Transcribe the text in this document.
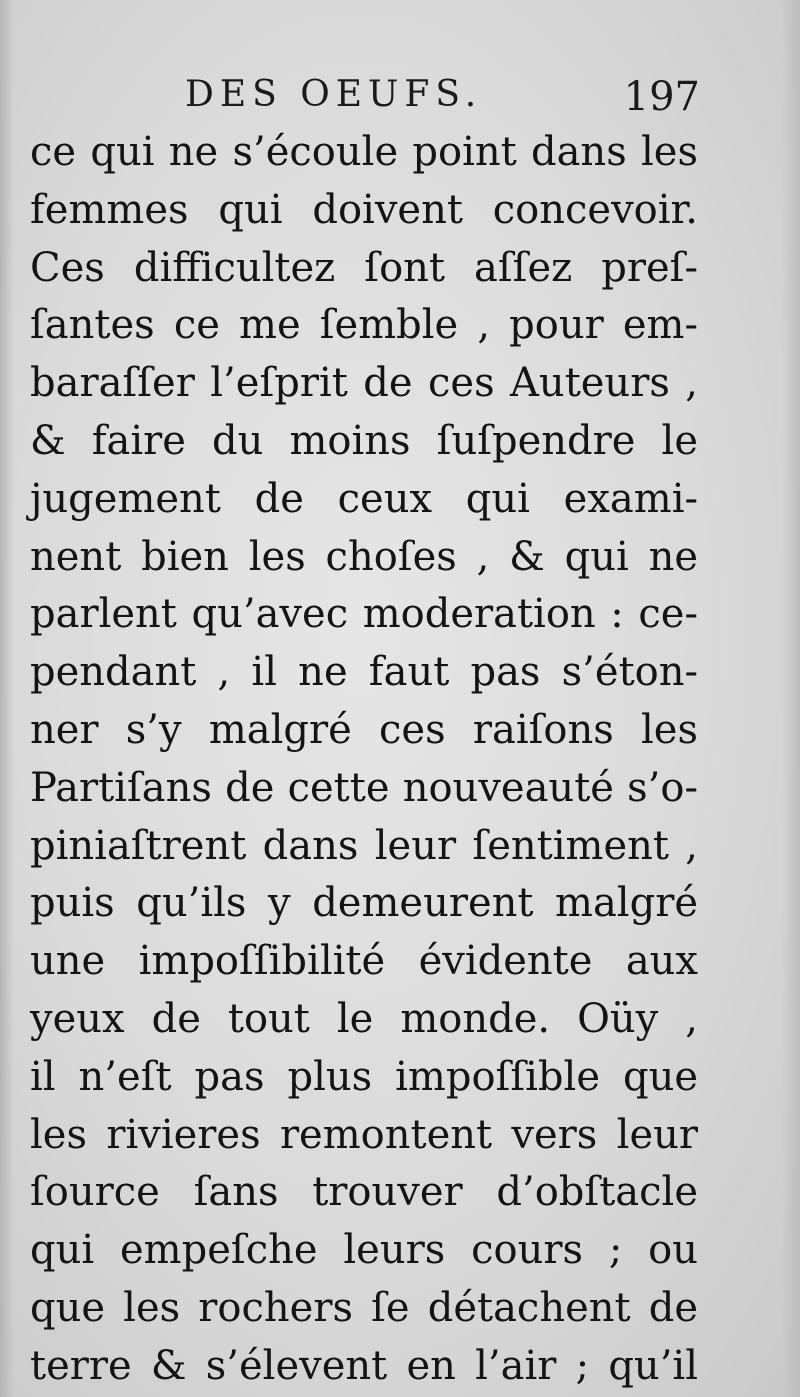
DES OEUFS.	197
ce qui ne s’écoule point dans les
femmes qui doivent concevoir.
Ces difficultez ſont aſſez preſ-
ſantes ce me ſemble , pour em-
baraſſer l’eſprit de ces Auteurs ,
& faire du moins ſuſpendre le
jugement de ceux qui exami-
nent bien les choſes , & qui ne
parlent qu’avec moderation : ce-
pendant , il ne faut pas s’éton-
ner s’y malgré ces raiſons les
Partiſans de cette nouveauté s’o-
piniaſtrent dans leur ſentiment ,
puis qu’ils y demeurent malgré
une impoſſibilité évidente aux
yeux de tout le monde. Oüy ,
il n’eſt pas plus impoſſible que
les rivieres remontent vers leur
ſource ſans trouver d’obſtacle
qui empeſche leurs cours ; ou
que les rochers ſe détachent de
terre & s’élevent en l’air ; qu’il
